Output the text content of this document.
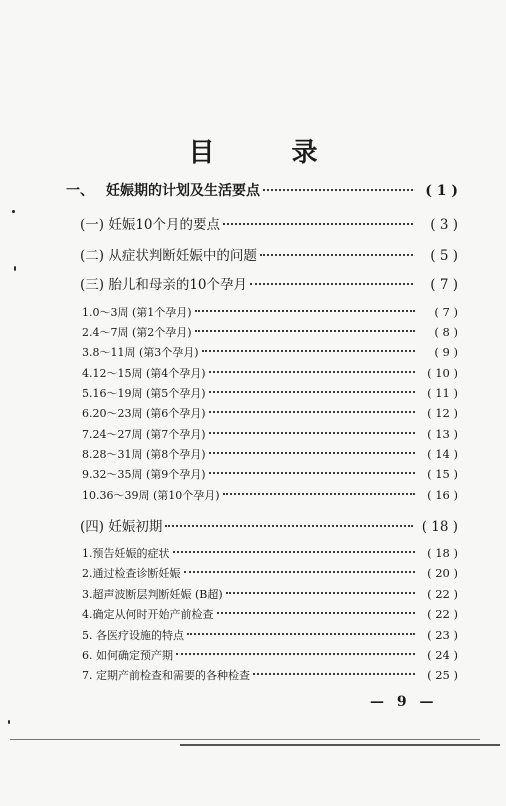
目 录
一、 妊娠期的计划及生活要点	( 1 )
(一) 妊娠10个月的要点	( 3 )
(二) 从症状判断妊娠中的问题	( 5 )
(三) 胎儿和母亲的10个孕月	( 7 )
1.0～3周 (第1个孕月)	( 7 )
2.4～7周 (第2个孕月)	( 8 )
3.8～11周 (第3个孕月)	( 9 )
4.12～15周 (第4个孕月)	( 10 )
5.16～19周 (第5个孕月)	( 11 )
6.20～23周 (第6个孕月)	( 12 )
7.24～27周 (第7个孕月)	( 13 )
8.28～31周 (第8个孕月)	( 14 )
9.32～35周 (第9个孕月)	( 15 )
10.36～39周 (第10个孕月)	( 16 )
(四) 妊娠初期	( 18 )
1.预告妊娠的症状	( 18 )
2.通过检查诊断妊娠	( 20 )
3.超声波断层判断妊娠 (B超)	( 22 )
4.确定从何时开始产前检查	( 22 )
5. 各医疗设施的特点	( 23 )
6. 如何确定预产期	( 24 )
7. 定期产前检查和需要的各种检查	( 25 )
— 9 —
